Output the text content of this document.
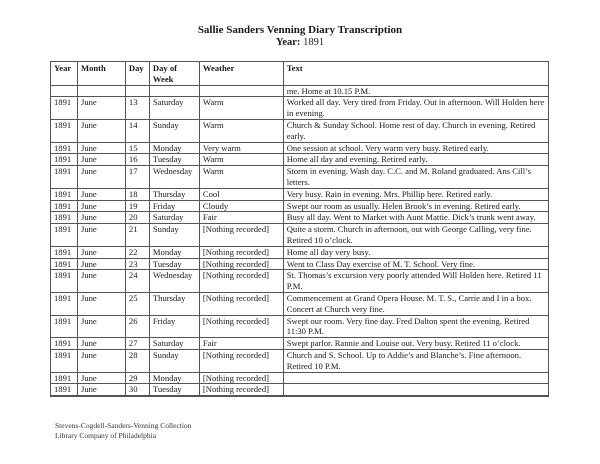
Sallie Sanders Venning Diary Transcription
Year: 1891
Year	Month	Day	Day of Week	Weather	Text
					me. Home at 10.15 P.M.
1891	June	13	Saturday	Warm	Worked all day. Very tired from Friday. Out in afternoon. Will Holden here in evening.
1891	June	14	Sunday	Warm	Church & Sunday School. Home rest of day. Church in evening. Retired early.
1891	June	15	Monday	Very warm	One session at school. Very warm very busy. Retired early.
1891	June	16	Tuesday	Warm	Home all day and evening. Retired early.
1891	June	17	Wednesday	Warm	Storm in evening. Wash day. C.C. and M. Roland graduated. Ans Cill’s letters.
1891	June	18	Thursday	Cool	Very busy. Rain in evening. Mrs. Phillip here. Retired early.
1891	June	19	Friday	Cloudy	Swept our room as usually. Helen Brook’s in evening. Retired early.
1891	June	20	Saturday	Fair	Busy all day. Went to Market with Aunt Mattie. Dick’s trunk went away.
1891	June	21	Sunday	[Nothing recorded]	Quite a storm. Church in afternoon, out with George Calling, very fine. Retired 10 o’clock.
1891	June	22	Monday	[Nothing recorded]	Home all day very busy.
1891	June	23	Tuesday	[Nothing recorded]	Went to Class Day exercise of M. T. School. Very fine.
1891	June	24	Wednesday	[Nothing recorded]	St. Thomas’s excursion very poorly attended Will Holden here. Retired 11 P.M.
1891	June	25	Thursday	[Nothing recorded]	Commencement at Grand Opera House. M. T. S., Carrie and I in a box. Concert at Church very fine.
1891	June	26	Friday	[Nothing recorded]	Swept our room. Very fine day. Fred Dalton spent the evening. Retired 11:30 P.M.
1891	June	27	Saturday	Fair	Swept parlor. Rannie and Louise out. Very busy. Retired 11 o’clock.
1891	June	28	Sunday	[Nothing recorded]	Church and S. School. Up to Addie’s and Blanche’s. Fine afternoon. Retired 10 P.M.
1891	June	29	Monday	[Nothing recorded]	
1891	June	30	Tuesday	[Nothing recorded]	

Stevens-Cogdell-Sanders-Venning Collection
Library Company of Philadelphia
